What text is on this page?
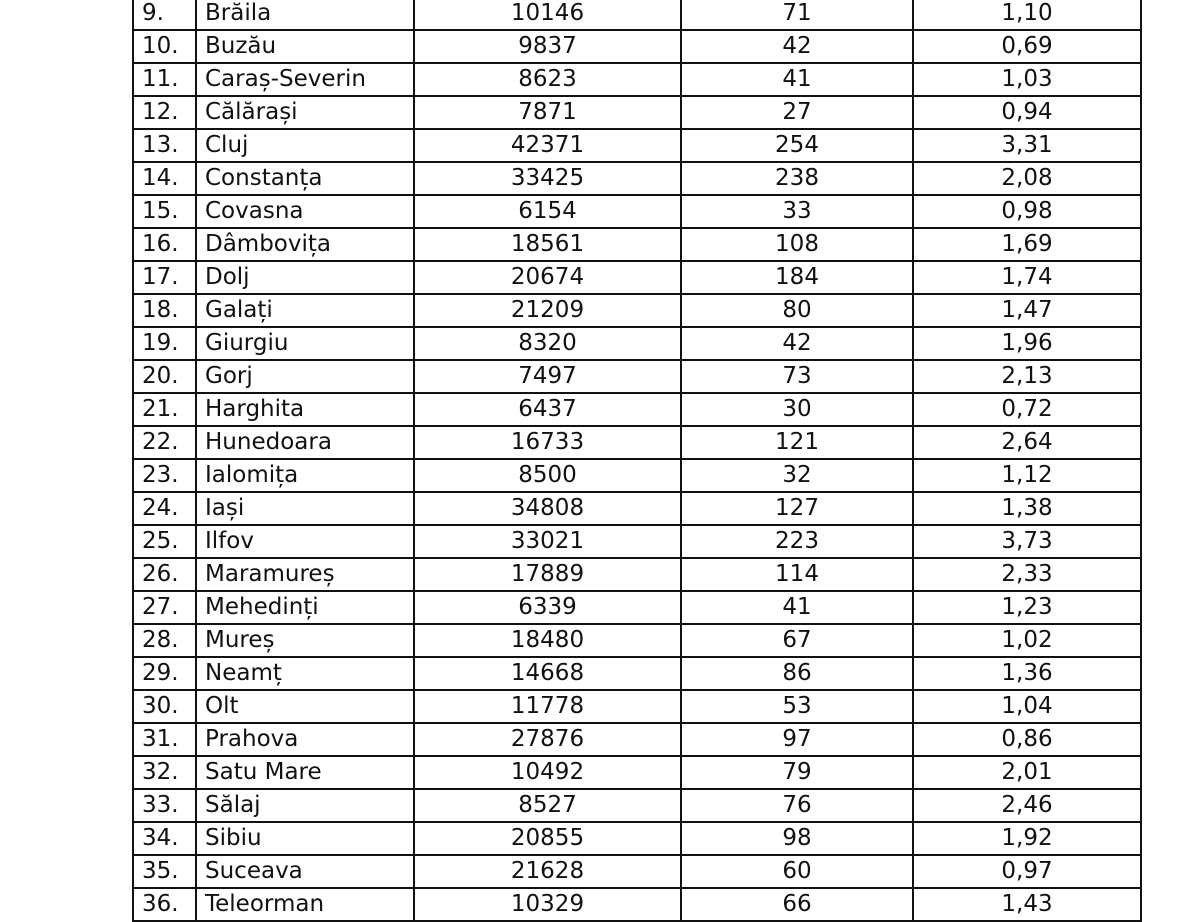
9.	Brăila	10146	71	1,10
10.	Buzău	9837	42	0,69
11.	Caraș-Severin	8623	41	1,03
12.	Călărași	7871	27	0,94
13.	Cluj	42371	254	3,31
14.	Constanța	33425	238	2,08
15.	Covasna	6154	33	0,98
16.	Dâmbovița	18561	108	1,69
17.	Dolj	20674	184	1,74
18.	Galați	21209	80	1,47
19.	Giurgiu	8320	42	1,96
20.	Gorj	7497	73	2,13
21.	Harghita	6437	30	0,72
22.	Hunedoara	16733	121	2,64
23.	Ialomița	8500	32	1,12
24.	Iași	34808	127	1,38
25.	Ilfov	33021	223	3,73
26.	Maramureș	17889	114	2,33
27.	Mehedinți	6339	41	1,23
28.	Mureș	18480	67	1,02
29.	Neamț	14668	86	1,36
30.	Olt	11778	53	1,04
31.	Prahova	27876	97	0,86
32.	Satu Mare	10492	79	2,01
33.	Sălaj	8527	76	2,46
34.	Sibiu	20855	98	1,92
35.	Suceava	21628	60	0,97
36.	Teleorman	10329	66	1,43
